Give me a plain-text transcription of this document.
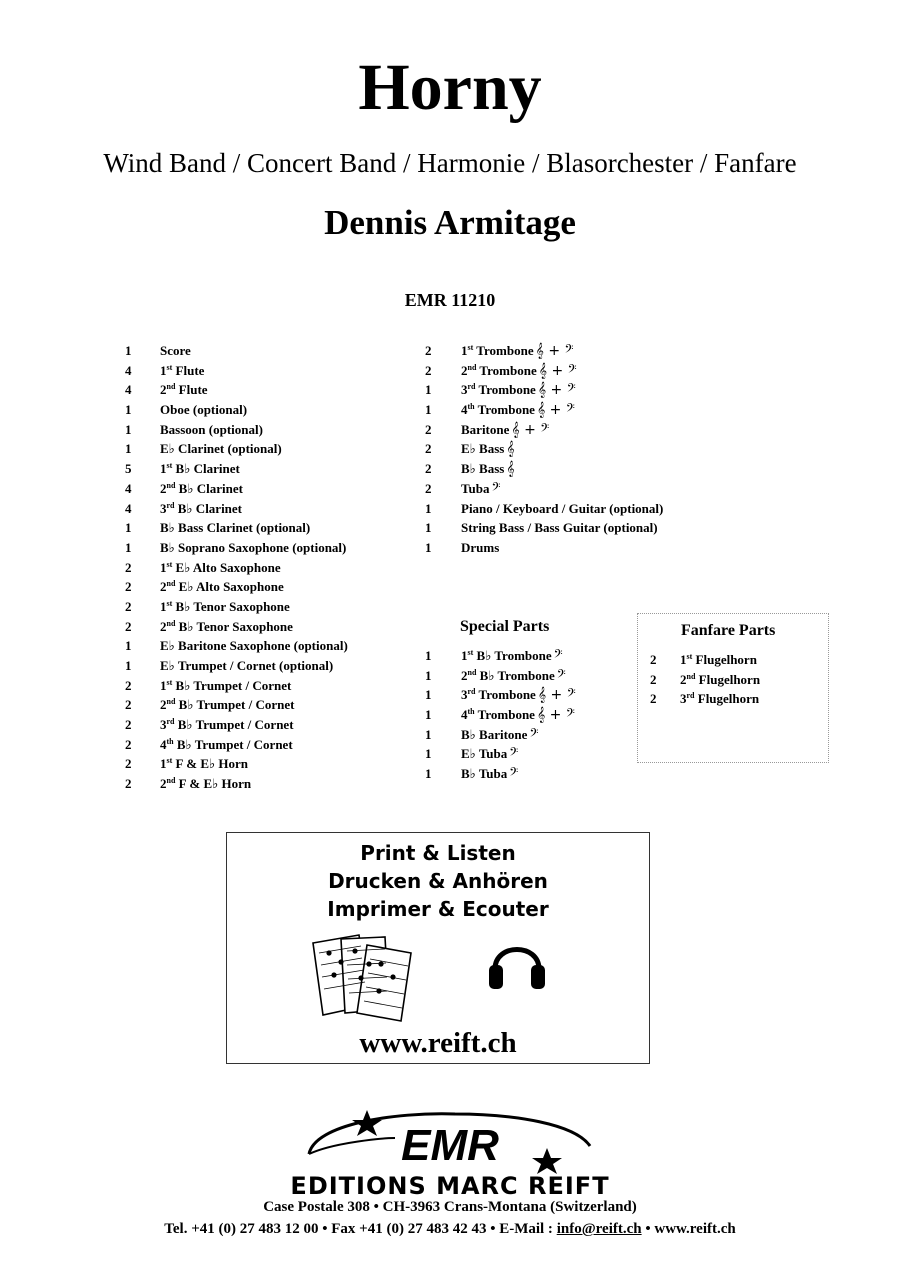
Horny
Wind Band / Concert Band / Harmonie / Blasorchester / Fanfare
Dennis Armitage
EMR 11210
1	Score
4	1st Flute
4	2nd Flute
1	Oboe (optional)
1	Bassoon (optional)
1	E♭ Clarinet (optional)
5	1st B♭ Clarinet
4	2nd B♭ Clarinet
4	3rd B♭ Clarinet
1	B♭ Bass Clarinet (optional)
1	B♭ Soprano Saxophone (optional)
2	1st E♭ Alto Saxophone
2	2nd E♭ Alto Saxophone
2	1st B♭ Tenor Saxophone
2	2nd B♭ Tenor Saxophone
1	E♭ Baritone Saxophone (optional)
1	E♭ Trumpet / Cornet (optional)
2	1st B♭ Trumpet / Cornet
2	2nd B♭ Trumpet / Cornet
2	3rd B♭ Trumpet / Cornet
2	4th B♭ Trumpet / Cornet
2	1st F & E♭ Horn
2	2nd F & E♭ Horn
2	1st Trombone 𝄞 + 𝄢
2	2nd Trombone 𝄞 + 𝄢
1	3rd Trombone 𝄞 + 𝄢
1	4th Trombone 𝄞 + 𝄢
2	Baritone 𝄞 + 𝄢
2	E♭ Bass 𝄞
2	B♭ Bass 𝄞
2	Tuba 𝄢
1	Piano / Keyboard / Guitar (optional)
1	String Bass / Bass Guitar (optional)
1	Drums
Special Parts
1	1st B♭ Trombone 𝄢
1	2nd B♭ Trombone 𝄢
1	3rd Trombone 𝄞 + 𝄢
1	4th Trombone 𝄞 + 𝄢
1	B♭ Baritone 𝄢
1	E♭ Tuba 𝄢
1	B♭ Tuba 𝄢
Fanfare Parts
2	1st Flugelhorn
2	2nd Flugelhorn
2	3rd Flugelhorn
Print & Listen
Drucken & Anhören
Imprimer & Ecouter
www.reift.ch
EMR
EDITIONS MARC REIFT
Case Postale 308 • CH-3963 Crans-Montana (Switzerland)
Tel. +41 (0) 27 483 12 00 • Fax +41 (0) 27 483 42 43 • E-Mail : info@reift.ch • www.reift.ch
